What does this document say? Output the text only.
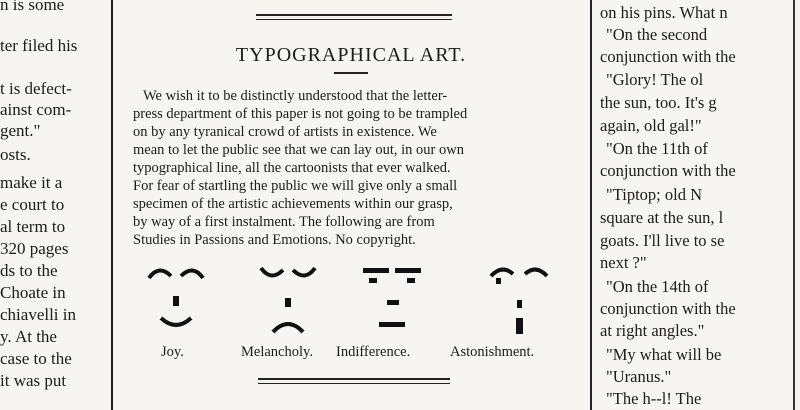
n is some
ter filed his
t is defect-
ainst com-
gent."
osts.
make it a
e court to
al term to
320 pages
ds to the
Choate in
chiavelli in
y. At the
case to the
it was put
TYPOGRAPHICAL ART.
We wish it to be distinctly understood that the letter-
press department of this paper is not going to be trampled
on by any tyranical crowd of artists in existence. We
mean to let the public see that we can lay out, in our own
typographical line, all the cartoonists that ever walked.
For fear of startling the public we will give only a small
specimen of the artistic achievements within our grasp,
by way of a first instalment. The following are from
Studies in Passions and Emotions. No copyright.
Joy.	Melancholy. Indifference.	Astonishment.
on his pins. What n
"On the second
conjunction with the
"Glory! The ol
the sun, too. It's g
again, old gal!"
"On the 11th of
conjunction with the
"Tiptop; old N
square at the sun, l
goats. I'll live to se
next ?"
"On the 14th of
conjunction with the
at right angles."
"My what will be
"Uranus."
"The h--l! The
